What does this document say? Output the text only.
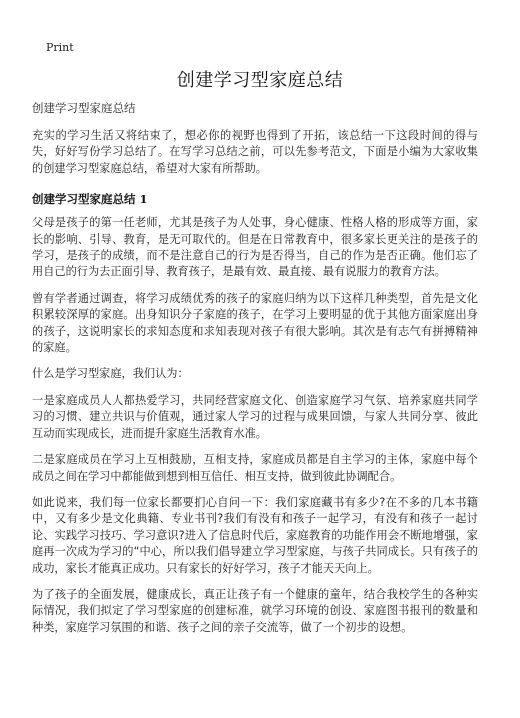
Print
创建学习型家庭总结

创建学习型家庭总结

充实的学习生活又将结束了，想必你的视野也得到了开拓，该总结一下这段时间的得与失，好好写份学习总结了。在写学习总结之前，可以先参考范文，下面是小编为大家收集的创建学习型家庭总结，希望对大家有所帮助。

创建学习型家庭总结 1

父母是孩子的第一任老师，尤其是孩子为人处事，身心健康、性格人格的形成等方面，家长的影响、引导、教育，是无可取代的。但是在日常教育中，很多家长更关注的是孩子的学习，是孩子的成绩，而不是注意自己的行为是否得当，自己的作为是否正确。他们忘了用自己的行为去正面引导、教育孩子，是最有效、最直接、最有说服力的教育方法。

曾有学者通过调查，将学习成绩优秀的孩子的家庭归纳为以下这样几种类型，首先是文化积累较深厚的家庭。出身知识分子家庭的孩子，在学习上要明显的优于其他方面家庭出身的孩子，这说明家长的求知态度和求知表现对孩子有很大影响。其次是有志气有拼搏精神的家庭。

什么是学习型家庭，我们认为：

一是家庭成员人人都热爱学习，共同经营家庭文化、创造家庭学习气氛、培养家庭共同学习的习惯、建立共识与价值观，通过家人学习的过程与成果回馈，与家人共同分享、彼此互动而实现成长，进而提升家庭生活教育水准。

二是家庭成员在学习上互相鼓励，互相支持，家庭成员都是自主学习的主体，家庭中每个成员之间在学习中都能做到想到相互信任、相互支持，做到彼此协调配合。

如此说来，我们每一位家长都要扪心自问一下：我们家庭藏书有多少?在不多的几本书籍中，又有多少是文化典籍、专业书刊?我们有没有和孩子一起学习，有没有和孩子一起讨论、实践学习技巧、学习意识?进入了信息时代后，家庭教育的功能作用会不断地增强，家庭再一次成为学习的“中心，所以我们倡导建立学习型家庭，与孩子共同成长。只有孩子的成功，家长才能真正成功。只有家长的好好学习，孩子才能天天向上。

为了孩子的全面发展，健康成长，真正让孩子有一个健康的童年，结合我校学生的各种实际情况，我们拟定了学习型家庭的创建标准，就学习环境的创设、家庭图书报刊的数量和种类，家庭学习氛围的和谐、孩子之间的亲子交流等，做了一个初步的设想。
